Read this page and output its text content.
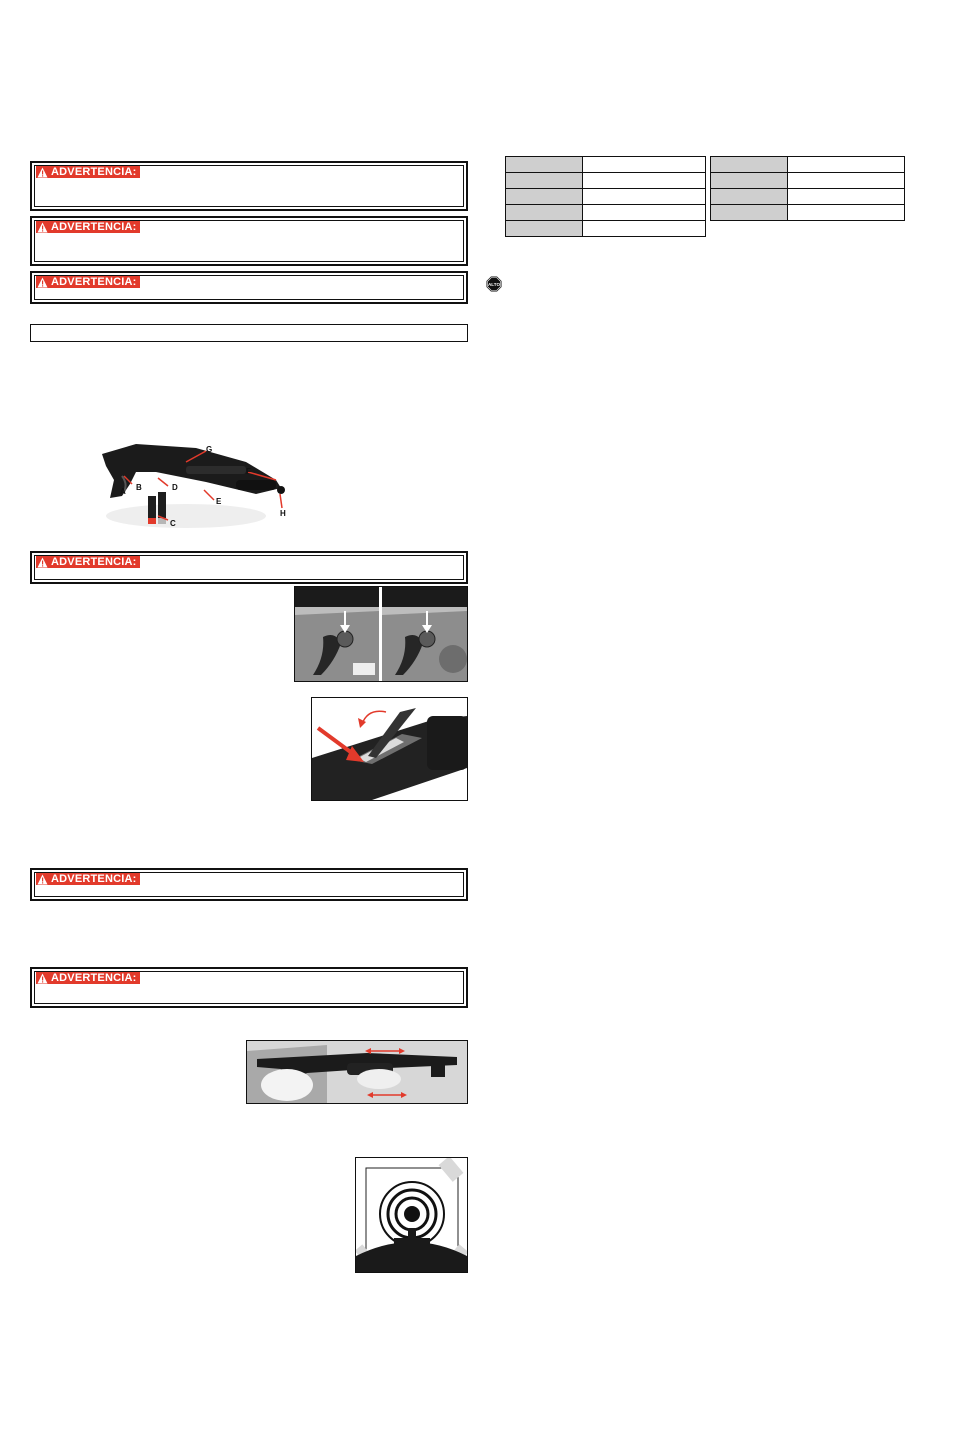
ADVERTENCIA:
ADVERTENCIA:
ADVERTENCIA:
A B
C
D
E
F
G
H
ADVERTENCIA:
ADVERTENCIA:
ADVERTENCIA:

ALTO
